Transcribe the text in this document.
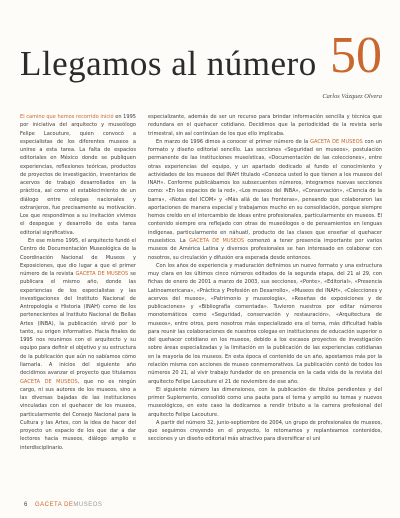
Llegamos al número 50
Carlos Vázquez Olvera

El camino que hemos recorrido inició en 1995 por iniciativa del arquitecto y museólogo Felipe Lacouture, quien convocó a especialistas de los diferentes museos a unirse a esta tarea. La falta de espacios editoriales en México donde se publiquen experiencias, reflexiones teóricas, productos de proyectos de investigación, inventarios de acervos de trabajo desarrollados en la práctica, así como el establecimiento de un diálogo entre colegas nacionales y extranjeros, fue precisamente su motivación. Los que respondimos a su invitación vivimos el despegue y desarrollo de esta tarea editorial significativa.

En ese mismo 1995, el arquitecto fundó el Centro de Documentación Museológica de la Coordinación Nacional de Museos y Exposiciones, que dio lugar a que el primer número de la revista GACETA DE MUSEOS se publicara el mismo año, donde las experiencias de los especialistas y las investigaciones del Instituto Nacional de Antropología e Historia (INAH) como de los pertenecientes al Instituto Nacional de Bellas Artes (INBA), la publicación sirvió por lo tanto, su origen informativo. Hacia finales de 1995 nos reunimos con el arquitecto y su equipo para definir el objetivo y su estructura de la publicación que aún no sabíamos cómo llamarla. A inicios del siguiente año decidimos avanzar el proyecto que titulamos GACETA DE MUSEOS, que no es ningún cargo, ni sus autores de los museos, sino a las diversas bajadas de las instituciones vinculadas con el quehacer de los museos, particularmente del Consejo Nacional para la Cultura y las Artes, con la idea de hacer del proyecto un espacio de los que dar a dar lectores hacia museos, diálogo amplio e interdisciplinario.

especializante, además de ser un recurso para brindar información sencilla y técnica que redundara en el quehacer cotidiano. Decidimos que la periodicidad de la revista sería trimestral, sin así continúan de los que ello implicaba.

En marzo de 1996 dimos a conocer el primer número de la GACETA DE MUSEOS con un formato y diseño editorial sencillo. Las secciones «Seguridad en museos», postulación permanente de las instituciones museísticas, «Documentación de las colecciones», entre otras experiencias del equipo, y un apartado dedicado al fundo el conocimiento y actividades de los museos del INAH titulado «Conozca usted lo que tienen a los museos del INAH». Conforme publicábamos los subsecuentes números, integramos nuevas secciones como: «En los espacios de la red», «Los museos del INBA», «Conservación», «Ciencia de la barra», «Notas del ICOM» y «Más allá de las fronteras», pensando que colaboraron las aportaciones de manera especial y trabajamos mucho en su consolidación, porque siempre hemos creído en el intercambio de ideas entre profesionales, particularmente en museos. El contenido siempre era reflejado con otras de museólogos o de pensamientos en lenguas indígenas, particularmente en náhuatl, producto de las clases que enseñar el quehacer museístico. La GACETA DE MUSEOS comenzó a tener presencia importante por varios museos de América Latina y diversos profesionales se han interesado en colaborar con nosotros, su circulación y difusión era esperada desde entonces.

Con los años de experiencia y maduración definimos un nuevo formato y una estructura muy clara en los últimos cinco números editados de la segunda etapa, del 21 al 29, con fichas de enero de 2001 a marzo de 2003, sus secciones, «Ponte», «Editorial», «Presencia Latinoamericana», «Práctica y Profesión en Desarrollo», «Museos del INAH», «Colecciones y acervos del museo», «Patrimonio y museología», «Reseñas de exposiciones y de publicaciones» y «Bibliografía comentada». Tuvieron nuestros por editar números monotemáticos como «Seguridad, conservación y restauración», «Arquitectura de museos», entre otros, pero nosotros más especializado era el tema, más dificultad había para reunir las colaboraciones de nuestros colegas en instituciones de educación superior o del quehacer cotidiano en los museos, debido a los escasos proyectos de investigación sobre áreas especializadas y la limitación en la publicación de las experiencias cotidianas en la mayoría de los museos. En esta época el contenido de un año, apostamos más por la relación misma con acciones de museo conmemorativos. La publicación contó de todos los números 20 21, al vivir trabajo fundador de en presencia en la cada vida de la revista del arquitecto Felipe Lacouture el 21 de noviembre de ese año.

El siguiente número las dimensiones, con la publicación de títulos pendientes y del primer Suplemento, consolidó como una pauta para el tema y amplió su temas y nuevos museológicos, en este caso la dedicamos a rendir tributo a la carrera profesional del arquitecto Felipe Lacouture.

A partir del número 32, junio-septiembre de 2004, un grupo de profesionales de museos, que seguimos creyendo en el proyecto, lo retomamos y replanteamos contenidos, secciones y un diseño editorial más atractivo para diversificar el uni

6 GACETA DEMUSEOS
